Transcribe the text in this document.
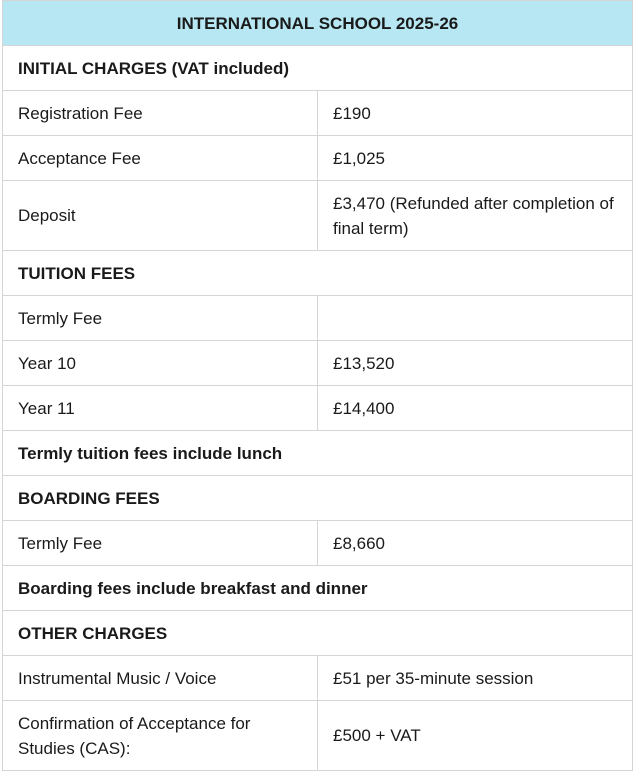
INTERNATIONAL SCHOOL 2025-26	
INITIAL CHARGES (VAT included)	
Registration Fee	£190
Acceptance Fee	£1,025
Deposit	£3,470 (Refunded after completion of final term)
TUITION FEES	
Termly Fee	
Year 10	£13,520
Year 11	£14,400
Termly tuition fees include lunch	
BOARDING FEES	
Termly Fee	£8,660
Boarding fees include breakfast and dinner	
OTHER CHARGES	
Instrumental Music / Voice	£51 per 35-minute session
Confirmation of Acceptance for Studies (CAS):	£500 + VAT
